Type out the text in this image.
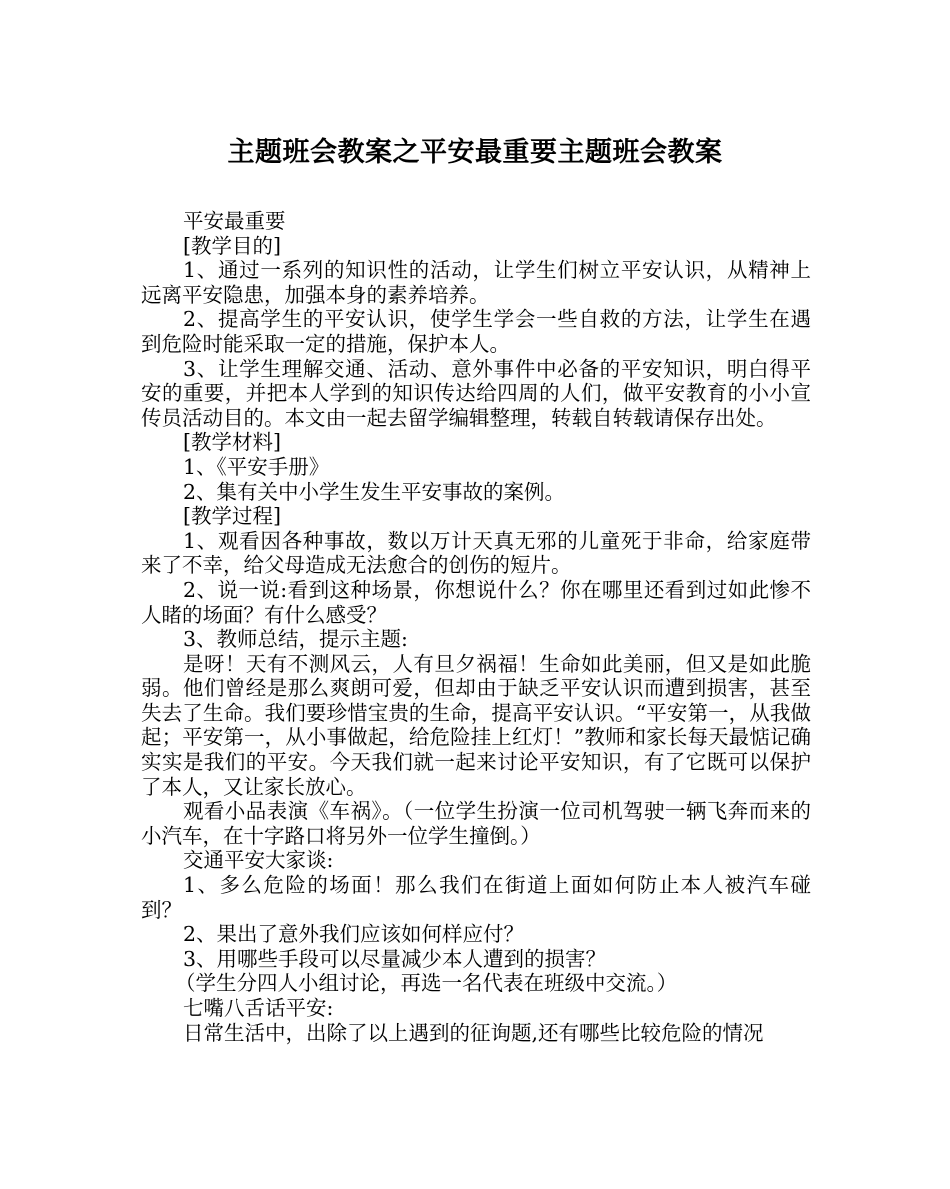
主题班会教案之平安最重要主题班会教案

平安最重要

[教学目的]

1、通过一系列的知识性的活动，让学生们树立平安认识，从精神上远离平安隐患，加强本身的素养培养。

2、提高学生的平安认识，使学生学会一些自救的方法，让学生在遇到危险时能采取一定的措施，保护本人。

3、让学生理解交通、活动、意外事件中必备的平安知识，明白得平安的重要，并把本人学到的知识传达给四周的人们，做平安教育的小小宣传员活动目的。本文由一起去留学编辑整理，转载自转载请保存出处。

[教学材料]

1、《平安手册》

2、集有关中小学生发生平安事故的案例。

[教学过程]

1、观看因各种事故，数以万计天真无邪的儿童死于非命，给家庭带来了不幸，给父母造成无法愈合的创伤的短片。

2、说一说:看到这种场景，你想说什么？你在哪里还看到过如此惨不人睹的场面？有什么感受？

3、教师总结，提示主题:

是呀！天有不测风云，人有旦夕祸福！生命如此美丽，但又是如此脆弱。他们曾经是那么爽朗可爱，但却由于缺乏平安认识而遭到损害，甚至失去了生命。我们要珍惜宝贵的生命，提高平安认识。“平安第一，从我做起；平安第一，从小事做起，给危险挂上红灯！”教师和家长每天最惦记确实实是我们的平安。今天我们就一起来讨论平安知识，有了它既可以保护了本人，又让家长放心。

观看小品表演《车祸》。（一位学生扮演一位司机驾驶一辆飞奔而来的小汽车，在十字路口将另外一位学生撞倒。）

交通平安大家谈:

1、多么危险的场面！那么我们在街道上面如何防止本人被汽车碰到？

2、果出了意外我们应该如何样应付？

3、用哪些手段可以尽量减少本人遭到的损害？

（学生分四人小组讨论，再选一名代表在班级中交流。）

七嘴八舌话平安:

日常生活中，出除了以上遇到的征询题,还有哪些比较危险的情况
